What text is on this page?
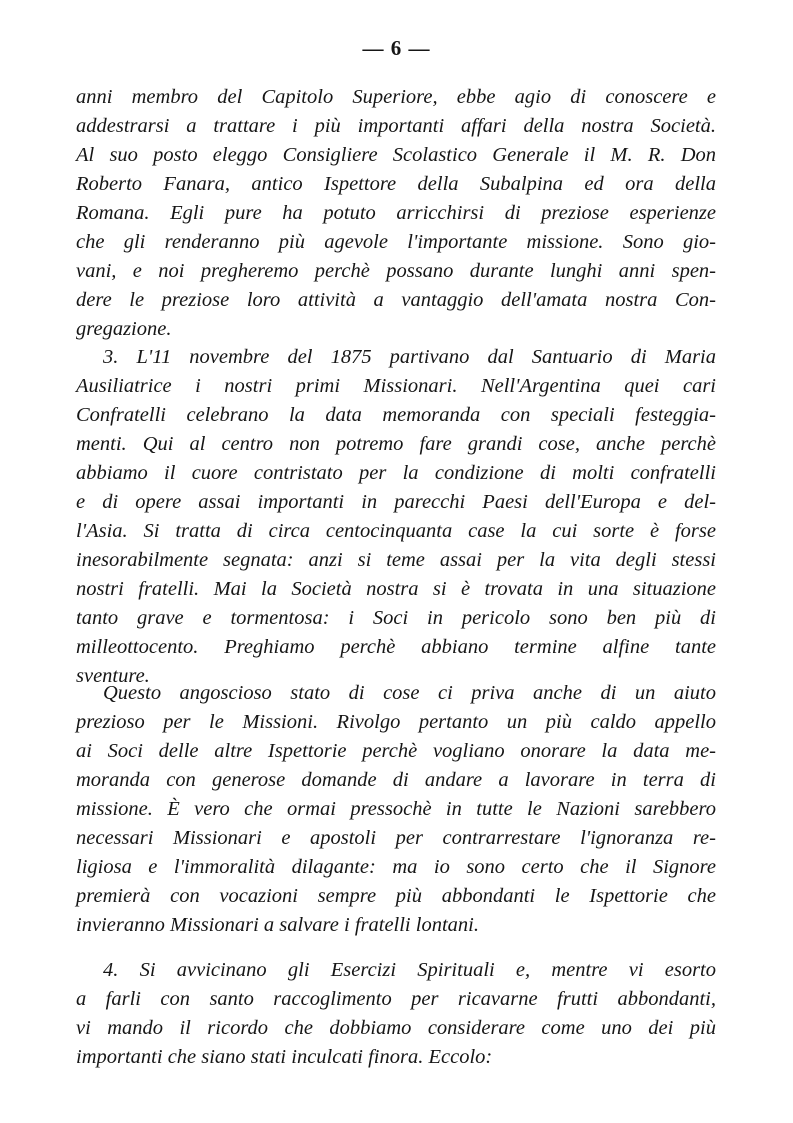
— 6 —
anni membro del Capitolo Superiore, ebbe agio di conoscere e
addestrarsi a trattare i più importanti affari della nostra Società.
Al suo posto eleggo Consigliere Scolastico Generale il M. R. Don
Roberto Fanara, antico Ispettore della Subalpina ed ora della
Romana. Egli pure ha potuto arricchirsi di preziose esperienze
che gli renderanno più agevole l'importante missione. Sono gio-
vani, e noi pregheremo perchè possano durante lunghi anni spen-
dere le preziose loro attività a vantaggio dell'amata nostra Con-
gregazione.
3. L'11 novembre del 1875 partivano dal Santuario di Maria
Ausiliatrice i nostri primi Missionari. Nell'Argentina quei cari
Confratelli celebrano la data memoranda con speciali festeggia-
menti. Qui al centro non potremo fare grandi cose, anche perchè
abbiamo il cuore contristato per la condizione di molti confratelli
e di opere assai importanti in parecchi Paesi dell'Europa e del-
l'Asia. Si tratta di circa centocinquanta case la cui sorte è forse
inesorabilmente segnata: anzi si teme assai per la vita degli stessi
nostri fratelli. Mai la Società nostra si è trovata in una situazione
tanto grave e tormentosa: i Soci in pericolo sono ben più di
milleottocento. Preghiamo perchè abbiano termine alfine tante
sventure.
Questo angoscioso stato di cose ci priva anche di un aiuto
prezioso per le Missioni. Rivolgo pertanto un più caldo appello
ai Soci delle altre Ispettorie perchè vogliano onorare la data me-
moranda con generose domande di andare a lavorare in terra di
missione. È vero che ormai pressochè in tutte le Nazioni sarebbero
necessari Missionari e apostoli per contrarrestare l'ignoranza re-
ligiosa e l'immoralità dilagante: ma io sono certo che il Signore
premierà con vocazioni sempre più abbondanti le Ispettorie che
invieranno Missionari a salvare i fratelli lontani.
4. Si avvicinano gli Esercizi Spirituali e, mentre vi esorto
a farli con santo raccoglimento per ricavarne frutti abbondanti,
vi mando il ricordo che dobbiamo considerare come uno dei più
importanti che siano stati inculcati finora. Eccolo:
